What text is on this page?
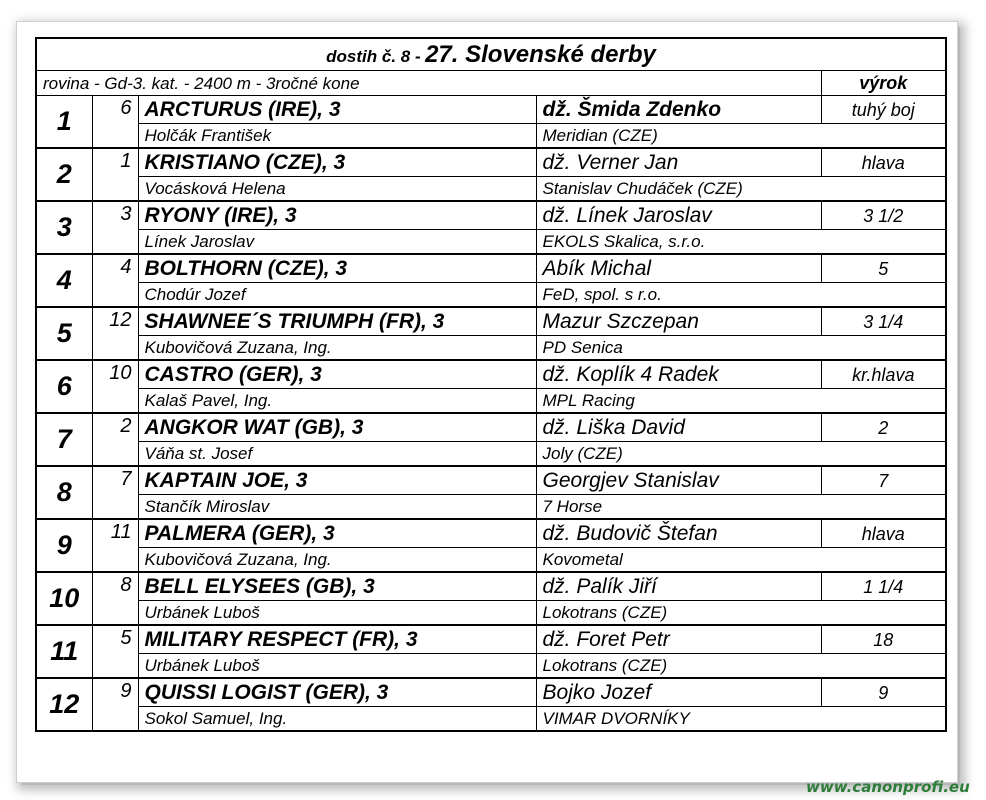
dostih č. 8 - 27. Slovenské derby				
rovina - Gd-3. kat. - 2400 m - 3ročné kone				výrok
1	6	ARCTURUS (IRE), 3	dž. Šmida Zdenko	tuhý boj
		Holčák František	Meridian (CZE)	
2	1	KRISTIANO (CZE), 3	dž. Verner Jan	hlava
		Vocásková Helena	Stanislav Chudáček (CZE)	
3	3	RYONY (IRE), 3	dž. Línek Jaroslav	3 1/2
		Línek Jaroslav	EKOLS Skalica, s.r.o.	
4	4	BOLTHORN (CZE), 3	Abík Michal	5
		Chodúr Jozef	FeD, spol. s r.o.	
5	12	SHAWNEE´S TRIUMPH (FR), 3	Mazur Szczepan	3 1/4
		Kubovičová Zuzana, Ing.	PD Senica	
6	10	CASTRO (GER), 3	dž. Koplík 4 Radek	kr.hlava
		Kalaš Pavel, Ing.	MPL Racing	
7	2	ANGKOR WAT (GB), 3	dž. Liška David	2
		Váňa st. Josef	Joly (CZE)	
8	7	KAPTAIN JOE, 3	Georgjev Stanislav	7
		Stančík Miroslav	7 Horse	
9	11	PALMERA (GER), 3	dž. Budovič Štefan	hlava
		Kubovičová Zuzana, Ing.	Kovometal	
10	8	BELL ELYSEES (GB), 3	dž. Palík Jiří	1 1/4
		Urbánek Luboš	Lokotrans (CZE)	
11	5	MILITARY RESPECT (FR), 3	dž. Foret Petr	18
		Urbánek Luboš	Lokotrans (CZE)	
12	9	QUISSI LOGIST (GER), 3	Bojko Jozef	9
		Sokol Samuel, Ing.	VIMAR DVORNÍKY	
www.canonprofi.eu
